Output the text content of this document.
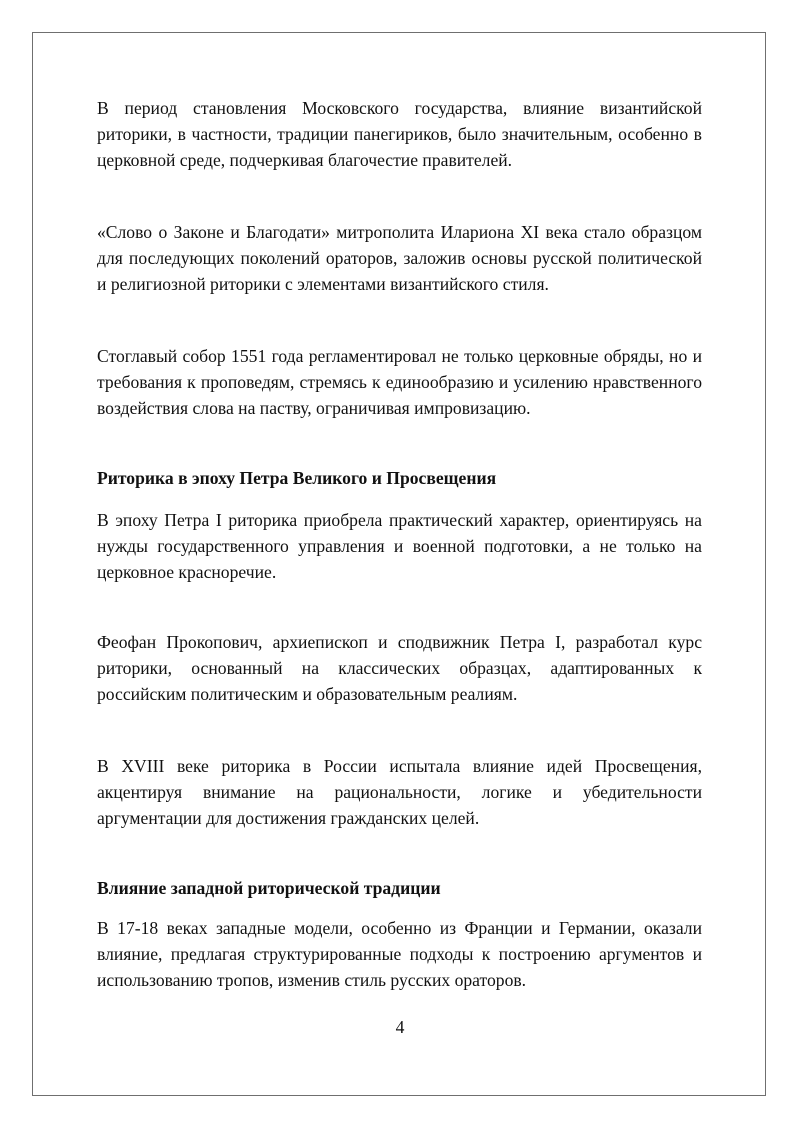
В период становления Московского государства, влияние византийской риторики, в частности, традиции панегириков, было значительным, особенно в церковной среде, подчеркивая благочестие правителей.

«Слово о Законе и Благодати» митрополита Илариона XI века стало образцом для последующих поколений ораторов, заложив основы русской политической и религиозной риторики с элементами византийского стиля.

Стоглавый собор 1551 года регламентировал не только церковные обряды, но и требования к проповедям, стремясь к единообразию и усилению нравственного воздействия слова на паству, ограничивая импровизацию.

Риторика в эпоху Петра Великого и Просвещения

В эпоху Петра I риторика приобрела практический характер, ориентируясь на нужды государственного управления и военной подготовки, а не только на церковное красноречие.

Феофан Прокопович, архиепископ и сподвижник Петра I, разработал курс риторики, основанный на классических образцах, адаптированных к российским политическим и образовательным реалиям.

В XVIII веке риторика в России испытала влияние идей Просвещения, акцентируя внимание на рациональности, логике и убедительности аргументации для достижения гражданских целей.

Влияние западной риторической традиции

В 17-18 веках западные модели, особенно из Франции и Германии, оказали влияние, предлагая структурированные подходы к построению аргументов и использованию тропов, изменив стиль русских ораторов.

4
